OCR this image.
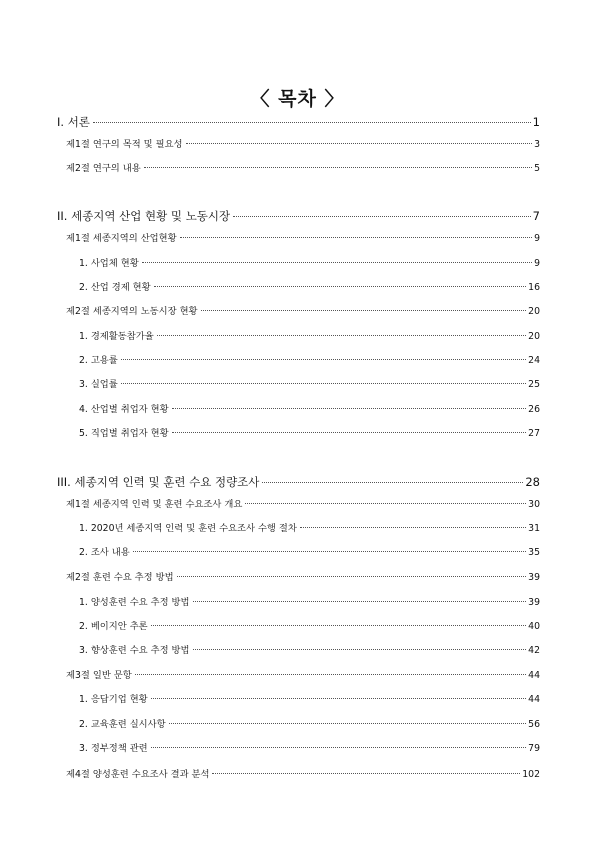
〈 목차 〉
I. 서론	1
제1절 연구의 목적 및 필요성	3
제2절 연구의 내용	5
II. 세종지역 산업 현황 및 노동시장	7
제1절 세종지역의 산업현황	9
1. 사업체 현황	9
2. 산업 경제 현황	16
제2절 세종지역의 노동시장 현황	20
1. 경제활동참가율	20
2. 고용률	24
3. 실업률	25
4. 산업별 취업자 현황	26
5. 직업별 취업자 현황	27
III. 세종지역 인력 및 훈련 수요 정량조사	28
제1절 세종지역 인력 및 훈련 수요조사 개요	30
1. 2020년 세종지역 인력 및 훈련 수요조사 수행 절차	31
2. 조사 내용	35
제2절 훈련 수요 추정 방법	39
1. 양성훈련 수요 추정 방법	39
2. 베이지안 추론	40
3. 향상훈련 수요 추정 방법	42
제3절 일반 문항	44
1. 응답기업 현황	44
2. 교육훈련 실시사항	56
3. 정부정책 관련	79
제4절 양성훈련 수요조사 결과 분석	102
